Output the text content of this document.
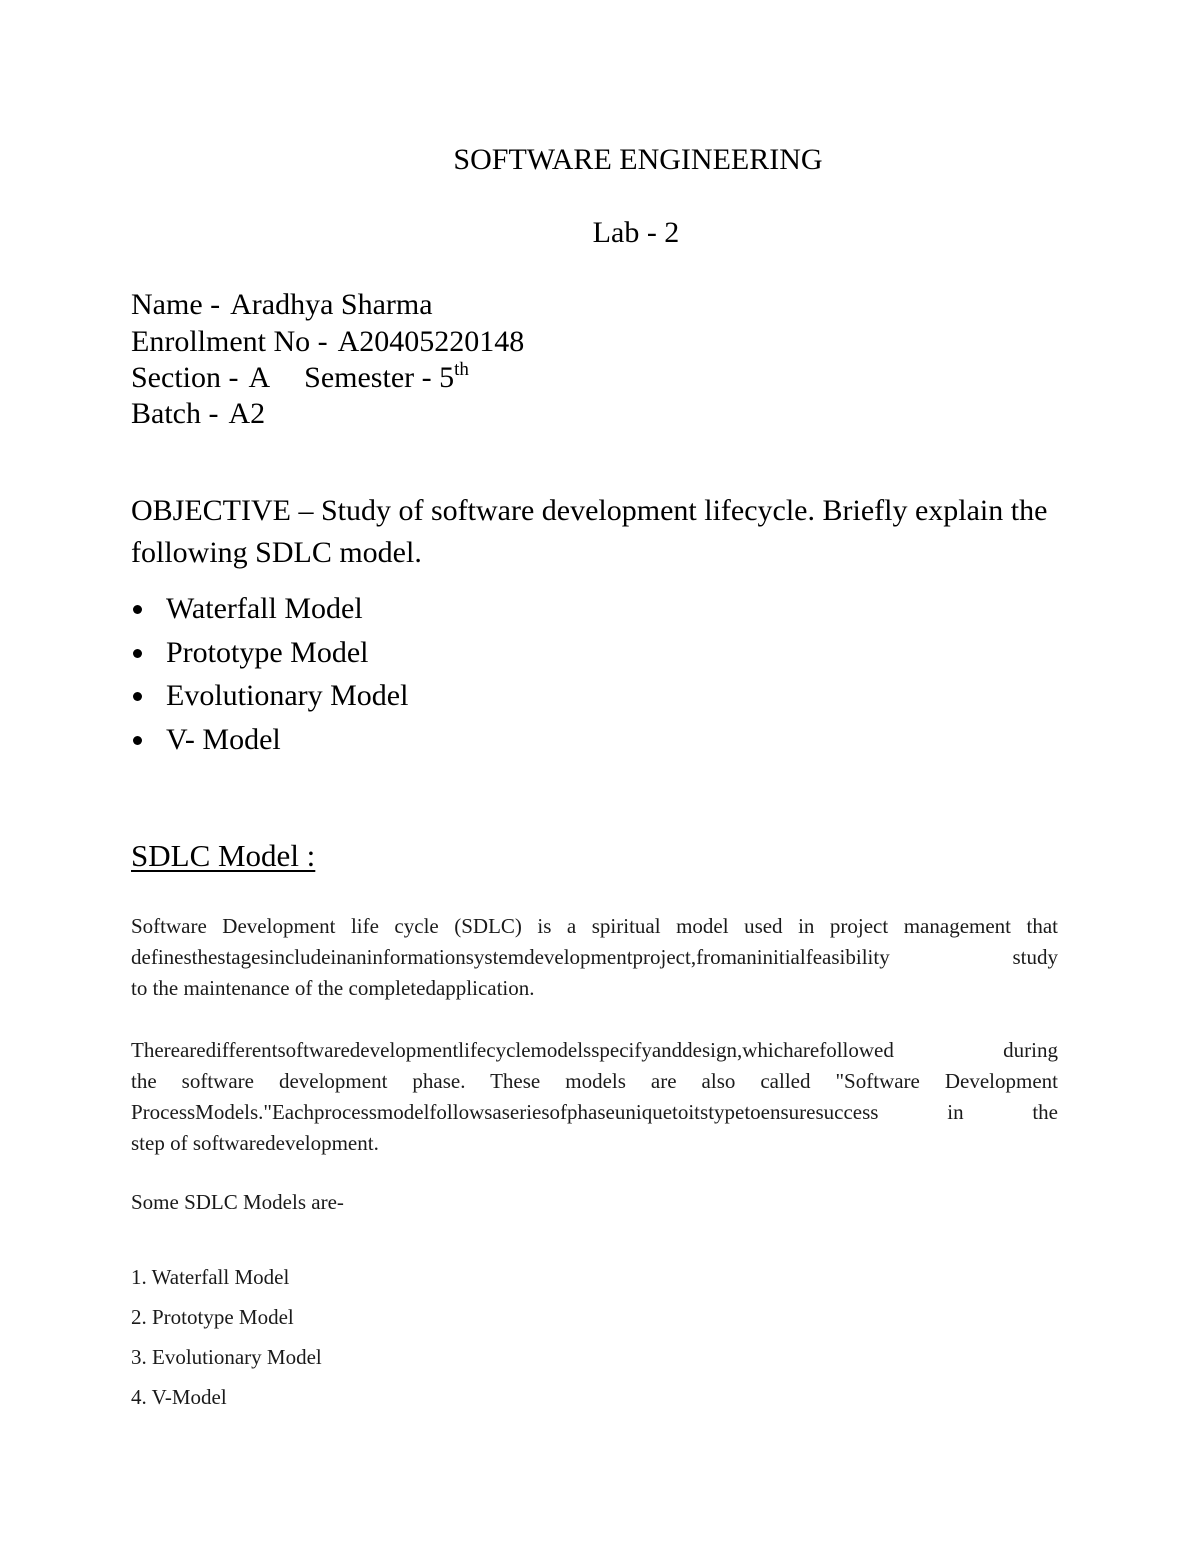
SOFTWARE ENGINEERING
Lab - 2
Name - Aradhya Sharma
Enrollment No - A20405220148
Section - A Semester - 5th
Batch - A2
OBJECTIVE – Study of software development lifecycle. Briefly explain the following SDLC model.
Waterfall Model
Prototype Model
Evolutionary Model
V- Model
SDLC Model :
Software Development life cycle (SDLC) is a spiritual model used in project management that
definesthestagesincludeinaninformationsystemdevelopmentproject,fromaninitialfeasibility study
to the maintenance of the completedapplication.
Therearedifferentsoftwaredevelopmentlifecyclemodelsspecifyanddesign,whicharefollowed during
the software development phase. These models are also called "Software Development
ProcessModels."Eachprocessmodelfollowsaseriesofphaseuniquetoitstypetoensuresuccess in the
step of softwaredevelopment.
Some SDLC Models are-
1. Waterfall Model
2. Prototype Model
3. Evolutionary Model
4. V-Model
